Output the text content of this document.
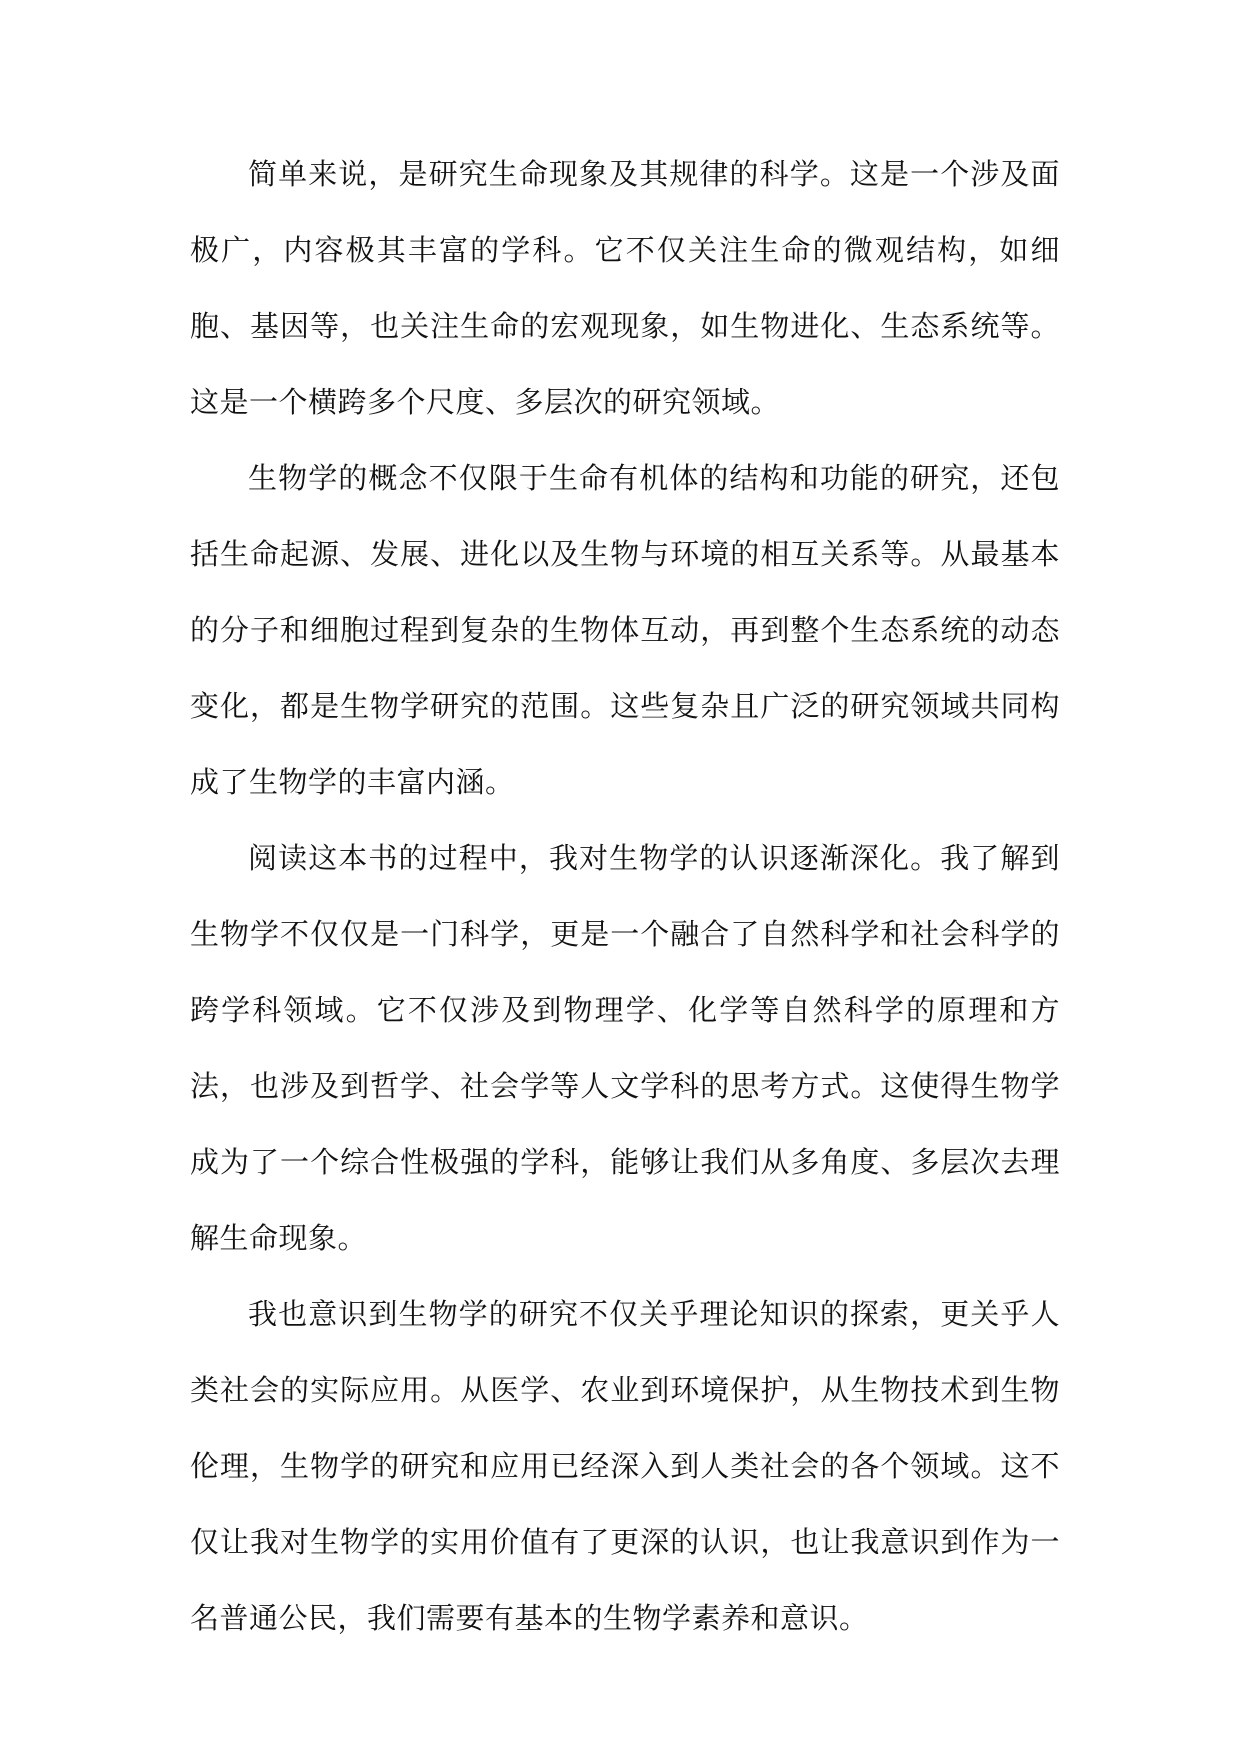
简单来说，是研究生命现象及其规律的科学。这是一个涉及面极广，内容极其丰富的学科。它不仅关注生命的微观结构，如细胞、基因等，也关注生命的宏观现象，如生物进化、生态系统等。这是一个横跨多个尺度、多层次的研究领域。

生物学的概念不仅限于生命有机体的结构和功能的研究，还包括生命起源、发展、进化以及生物与环境的相互关系等。从最基本的分子和细胞过程到复杂的生物体互动，再到整个生态系统的动态变化，都是生物学研究的范围。这些复杂且广泛的研究领域共同构成了生物学的丰富内涵。

阅读这本书的过程中，我对生物学的认识逐渐深化。我了解到生物学不仅仅是一门科学，更是一个融合了自然科学和社会科学的跨学科领域。它不仅涉及到物理学、化学等自然科学的原理和方法，也涉及到哲学、社会学等人文学科的思考方式。这使得生物学成为了一个综合性极强的学科，能够让我们从多角度、多层次去理解生命现象。

我也意识到生物学的研究不仅关乎理论知识的探索，更关乎人类社会的实际应用。从医学、农业到环境保护，从生物技术到生物伦理，生物学的研究和应用已经深入到人类社会的各个领域。这不仅让我对生物学的实用价值有了更深的认识，也让我意识到作为一名普通公民，我们需要有基本的生物学素养和意识。
